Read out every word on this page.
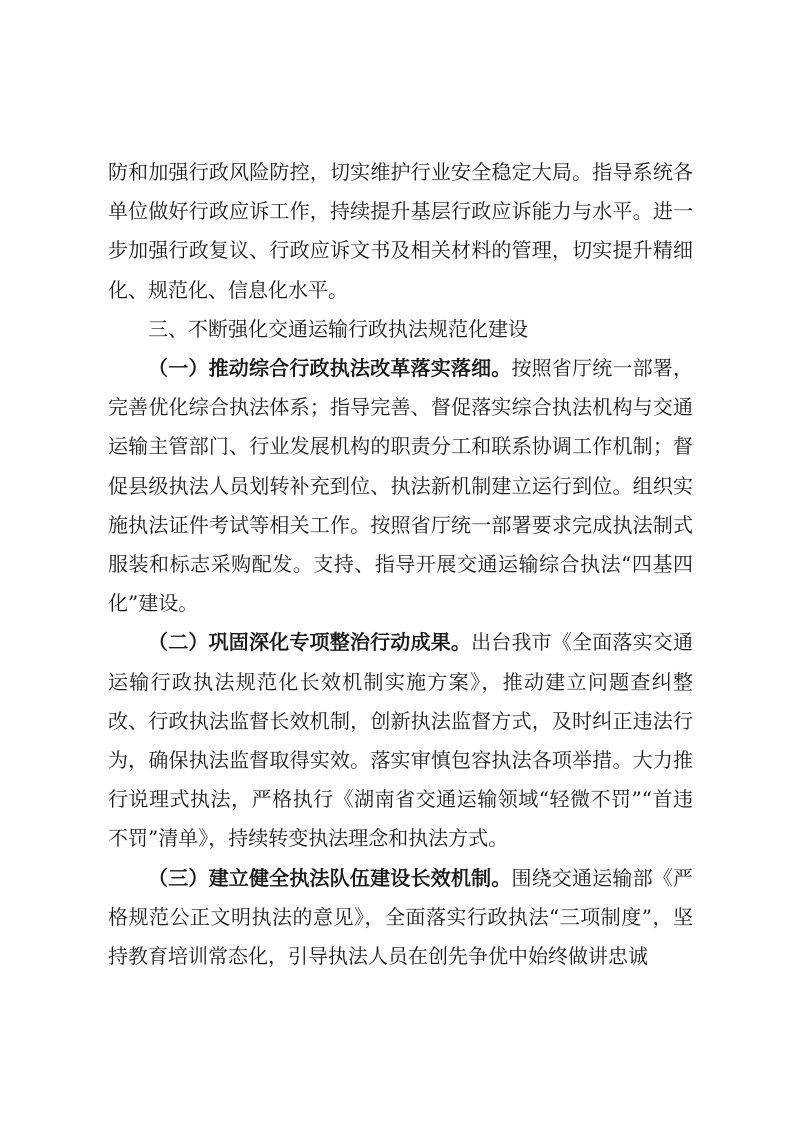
防和加强行政风险防控，切实维护行业安全稳定大局。指导系统各单位做好行政应诉工作，持续提升基层行政应诉能力与水平。进一步加强行政复议、行政应诉文书及相关材料的管理，切实提升精细化、规范化、信息化水平。

三、不断强化交通运输行政执法规范化建设

（一）推动综合行政执法改革落实落细。按照省厅统一部署，完善优化综合执法体系；指导完善、督促落实综合执法机构与交通运输主管部门、行业发展机构的职责分工和联系协调工作机制；督促县级执法人员划转补充到位、执法新机制建立运行到位。组织实施执法证件考试等相关工作。按照省厅统一部署要求完成执法制式服装和标志采购配发。支持、指导开展交通运输综合执法“四基四化”建设。

（二）巩固深化专项整治行动成果。出台我市《全面落实交通运输行政执法规范化长效机制实施方案》，推动建立问题查纠整改、行政执法监督长效机制，创新执法监督方式，及时纠正违法行为，确保执法监督取得实效。落实审慎包容执法各项举措。大力推行说理式执法，严格执行《湖南省交通运输领域“轻微不罚”“首违不罚”清单》，持续转变执法理念和执法方式。

（三）建立健全执法队伍建设长效机制。围绕交通运输部《严格规范公正文明执法的意见》，全面落实行政执法“三项制度”，坚持教育培训常态化，引导执法人员在创先争优中始终做讲忠诚
